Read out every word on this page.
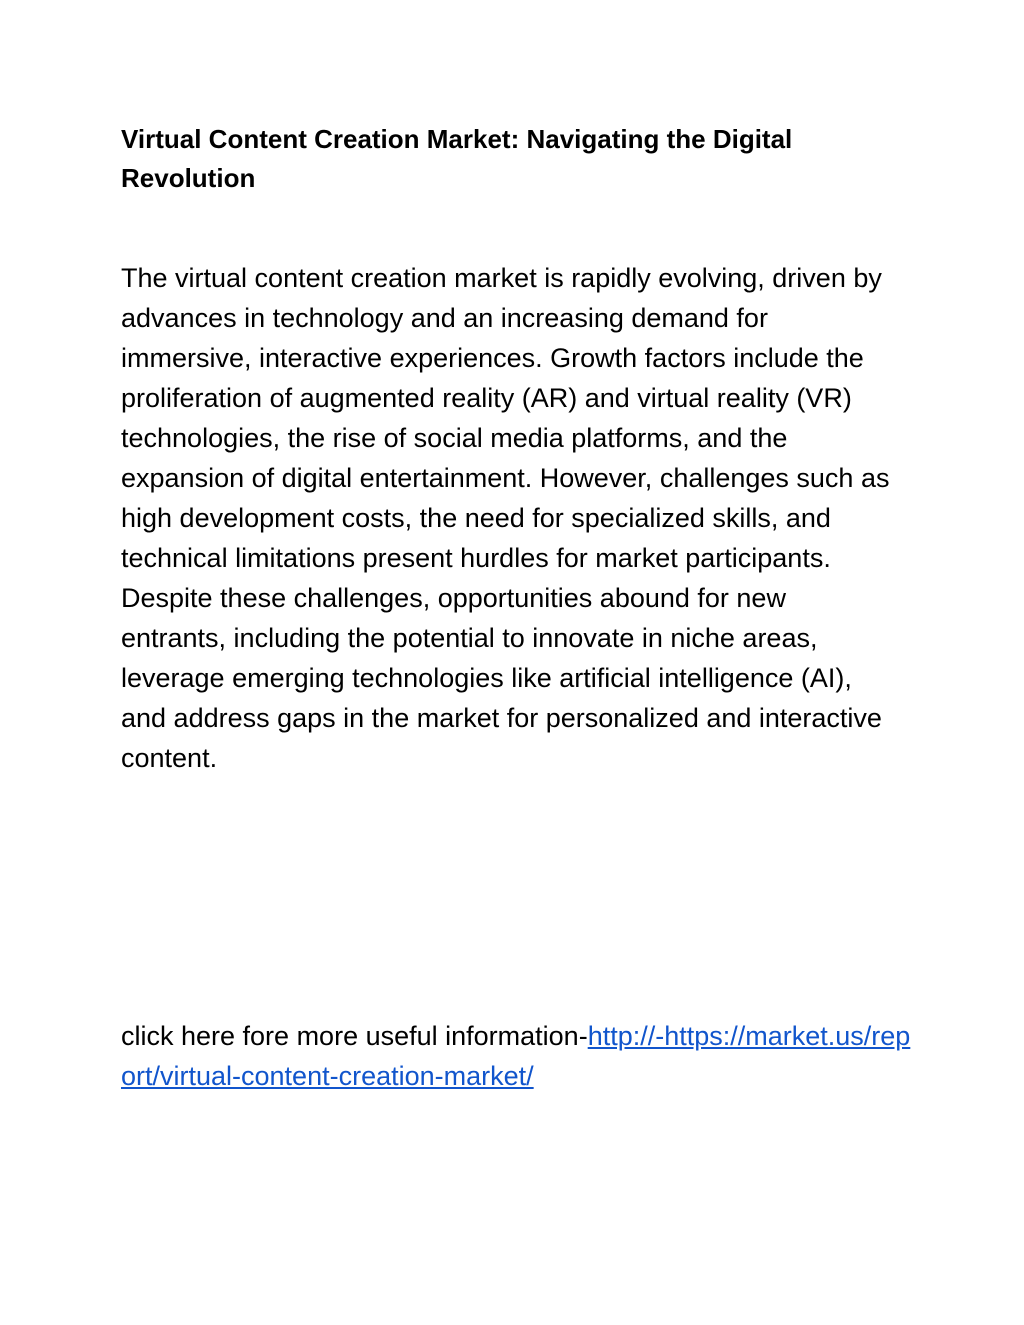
Virtual Content Creation Market: Navigating the Digital Revolution

The virtual content creation market is rapidly evolving, driven by advances in technology and an increasing demand for immersive, interactive experiences. Growth factors include the proliferation of augmented reality (AR) and virtual reality (VR) technologies, the rise of social media platforms, and the expansion of digital entertainment. However, challenges such as high development costs, the need for specialized skills, and technical limitations present hurdles for market participants. Despite these challenges, opportunities abound for new entrants, including the potential to innovate in niche areas, leverage emerging technologies like artificial intelligence (AI), and address gaps in the market for personalized and interactive content.

click here fore more useful information-http://-https://market.us/report/virtual-content-creation-market/
